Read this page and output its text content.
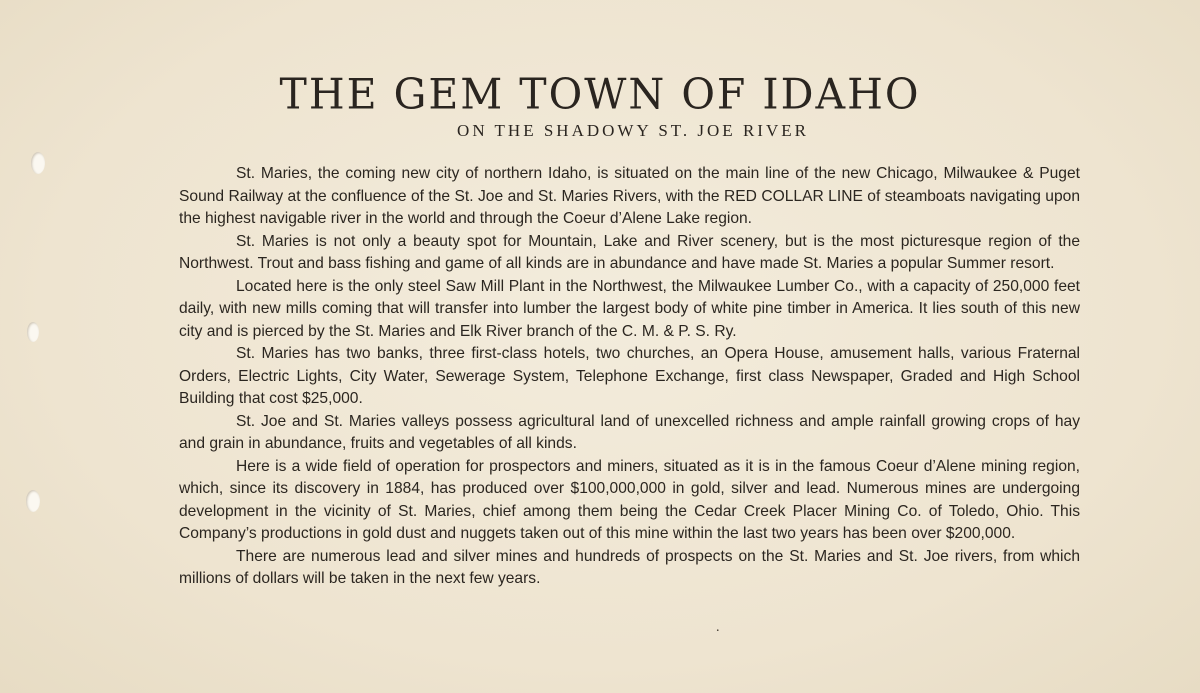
THE GEM TOWN OF IDAHO
ON THE SHADOWY ST. JOE RIVER

St. Maries, the coming new city of northern Idaho, is situated on the main line of the new Chicago, Milwaukee & Puget Sound Railway at the confluence of the St. Joe and St. Maries Rivers, with the RED COLLAR LINE of steamboats navigating upon the highest navigable river in the world and through the Coeur d’Alene Lake region.

St. Maries is not only a beauty spot for Mountain, Lake and River scenery, but is the most picturesque region of the Northwest. Trout and bass fishing and game of all kinds are in abundance and have made St. Maries a popular Summer resort.

Located here is the only steel Saw Mill Plant in the Northwest, the Milwaukee Lumber Co., with a capacity of 250,000 feet daily, with new mills coming that will transfer into lumber the largest body of white pine timber in America. It lies south of this new city and is pierced by the St. Maries and Elk River branch of the C. M. & P. S. Ry.

St. Maries has two banks, three first-class hotels, two churches, an Opera House, amusement halls, various Fraternal Orders, Electric Lights, City Water, Sewerage System, Telephone Exchange, first class Newspaper, Graded and High School Building that cost $25,000.

St. Joe and St. Maries valleys possess agricultural land of unexcelled richness and ample rainfall growing crops of hay and grain in abundance, fruits and vegetables of all kinds.

Here is a wide field of operation for prospectors and miners, situated as it is in the famous Coeur d’Alene mining region, which, since its discovery in 1884, has produced over $100,000,000 in gold, silver and lead. Numerous mines are undergoing development in the vicinity of St. Maries, chief among them being the Cedar Creek Placer Mining Co. of Toledo, Ohio. This Company’s productions in gold dust and nuggets taken out of this mine within the last two years has been over $200,000.

There are numerous lead and silver mines and hundreds of prospects on the St. Maries and St. Joe rivers, from which millions of dollars will be taken in the next few years.

.
